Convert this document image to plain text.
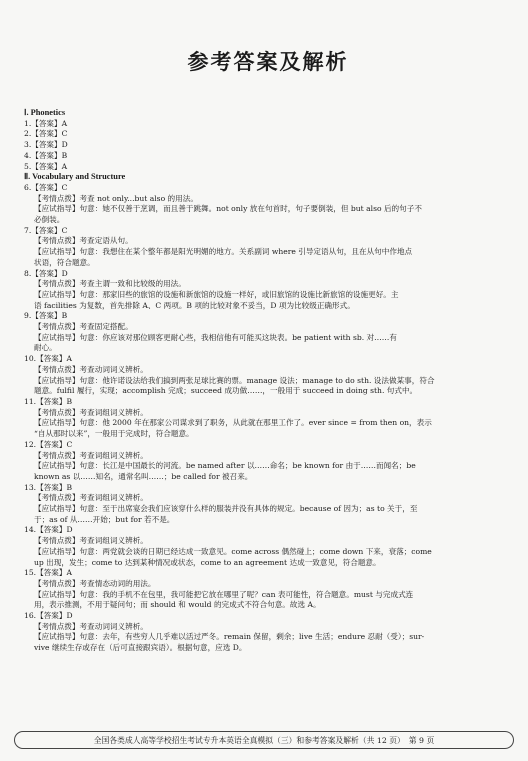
参考答案及解析
Ⅰ. Phonetics
1.【答案】A
2.【答案】C
3.【答案】D
4.【答案】B
5.【答案】A
Ⅱ. Vocabulary and Structure
6.【答案】C
【考情点拨】考查 not only...but also 的用法。
【应试指导】句意：她不仅善于烹调，而且善于跳舞。not only 放在句首时，句子要倒装，但 but also 后的句子不
必倒装。
7.【答案】C
【考情点拨】考查定语从句。
【应试指导】句意：我想住在某个整年都是阳光明媚的地方。关系副词 where 引导定语从句，且在从句中作地点
状语，符合题意。
8.【答案】D
【考情点拨】考查主谓一致和比较级的用法。
【应试指导】句意：那家旧些的旅馆的设施和新旅馆的设施一样好，或旧旅馆的设施比新旅馆的设施更好。主
语 facilities 为复数，首先排除 A、C 两项。B 项的比较对象不妥当，D 项为比较级正确形式。
9.【答案】B
【考情点拨】考查固定搭配。
【应试指导】句意：你应该对那位顾客更耐心些，我相信他有可能买这块表。be patient with sb. 对……有
耐心。
10.【答案】A
【考情点拨】考查动词词义辨析。
【应试指导】句意：他许诺设法给我们搞到两张足球比赛的票。manage 设法；manage to do sth. 设法做某事，符合
题意。fulfil 履行，实现；accomplish 完成；succeed 成功做……，一般用于 succeed in doing sth. 句式中。
11.【答案】B
【考情点拨】考查词组词义辨析。
【应试指导】句意：他 2000 年在那家公司谋求到了职务，从此就在那里工作了。ever since = from then on，表示
“自从那时以来”，一般用于完成时，符合题意。
12.【答案】C
【考情点拨】考查词组词义辨析。
【应试指导】句意：长江是中国最长的河流。be named after 以……命名；be known for 由于……而闻名；be
known as 以……知名，通常名叫……；be called for 被召来。
13.【答案】B
【考情点拨】考查词组词义辨析。
【应试指导】句意：至于出席宴会我们应该穿什么样的服装并没有具体的规定。because of 因为；as to 关于，至
于；as of 从……开始；but for 若不是。
14.【答案】D
【考情点拨】考查词组词义辨析。
【应试指导】句意：两党就会谈的日期已经达成一致意见。come across 偶然碰上；come down 下来，衰落；come
up 出现，发生；come to 达到某种情况或状态，come to an agreement 达成一致意见，符合题意。
15.【答案】A
【考情点拨】考查情态动词的用法。
【应试指导】句意：我的手机不在包里，我可能把它放在哪里了呢？can 表可能性，符合题意。must 与完成式连
用，表示推测，不用于疑问句；而 should 和 would 的完成式不符合句意。故选 A。
16.【答案】D
【考情点拨】考查动词词义辨析。
【应试指导】句意：去年，有些穷人几乎难以活过严冬。remain 保留，剩余；live 生活；endure 忍耐（受）；sur-
vive 继续生存或存在（后可直接跟宾语）。根据句意，应选 D。
全国各类成人高等学校招生考试专升本英语全真模拟（三）和参考答案及解析（共 12 页）　第 9 页
